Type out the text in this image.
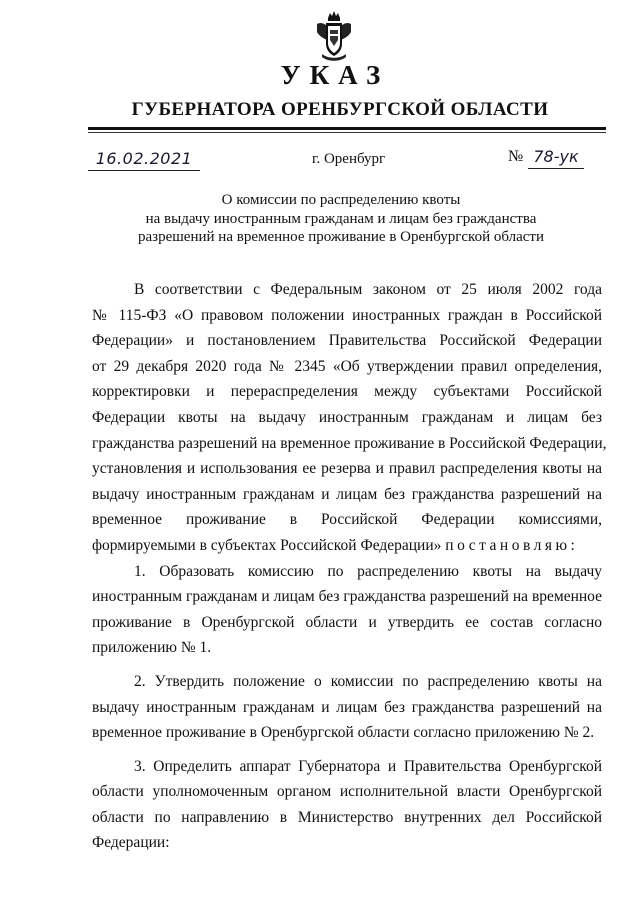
УКАЗ
ГУБЕРНАТОРА ОРЕНБУРГСКОЙ ОБЛАСТИ
16.02.2021	г. Оренбург	№ 78-ук
О комиссии по распределению квоты
на выдачу иностранным гражданам и лицам без гражданства
разрешений на временное проживание в Оренбургской области
В соответствии с Федеральным законом от 25 июля 2002 года
№ 115-ФЗ «О правовом положении иностранных граждан в Российской
Федерации» и постановлением Правительства Российской Федерации
от 29 декабря 2020 года № 2345 «Об утверждении правил определения,
корректировки и перераспределения между субъектами Российской
Федерации квоты на выдачу иностранным гражданам и лицам без
гражданства разрешений на временное проживание в Российской Федерации,
установления и использования ее резерва и правил распределения квоты на
выдачу иностранным гражданам и лицам без гражданства разрешений на
временное проживание в Российской Федерации комиссиями,
формируемыми в субъектах Российской Федерации» постановляю:
1. Образовать комиссию по распределению квоты на выдачу
иностранным гражданам и лицам без гражданства разрешений на временное
проживание в Оренбургской области и утвердить ее состав согласно
приложению № 1.
2. Утвердить положение о комиссии по распределению квоты на
выдачу иностранным гражданам и лицам без гражданства разрешений на
временное проживание в Оренбургской области согласно приложению № 2.
3. Определить аппарат Губернатора и Правительства Оренбургской
области уполномоченным органом исполнительной власти Оренбургской
области по направлению в Министерство внутренних дел Российской
Федерации:
